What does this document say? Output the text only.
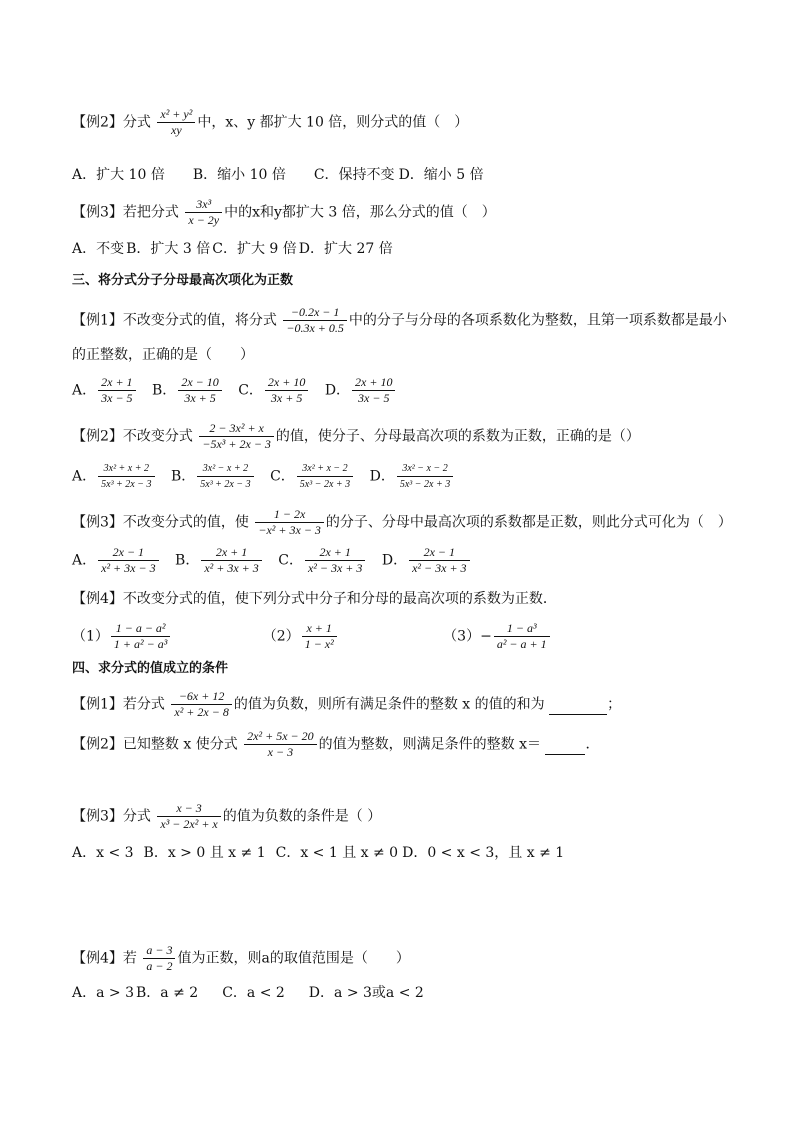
【例2】分式 $\frac{\text{x² + y²}}{xy}$ 中，x、y 都扩大 10 倍，则分式的值（　）
A．扩大 10 倍 B．缩小 10 倍 C．保持不变 D．缩小 5 倍
【例3】若把分式 $\frac{\text{3x³}}{x - 2y}$ 中的x和y都扩大 3 倍，那么分式的值（　）
A．不变 B．扩大 3 倍 C．扩大 9 倍 D．扩大 27 倍
三、将分式分子分母最高次项化为正数
【例1】不改变分式的值，将分式 $\frac{-0.2x - 1}{-0.3x + 0.5}$ 中的分子与分母的各项系数化为整数，且第一项系数都是最小
的正整数，正确的是（　　）
A． $\frac{2x + 1}{3x - 5}$ B． $\frac{2x - 10}{3x + 5}$ C． $\frac{2x + 10}{3x + 5}$ D． $\frac{2x + 10}{3x - 5}$
【例2】不改变分式 $\frac{\text{2 − 3x² + x}}{\text{−5x³ + 2x − 3}}$ 的值，使分子、分母最高次项的系数为正数，正确的是（）
A． $\frac{\text{3x² + x + 2}}{\text{5x³ + 2x − 3}}$ B． $\frac{\text{3x² − x + 2}}{\text{5x³ + 2x − 3}}$ C． $\frac{\text{3x² + x − 2}}{\text{5x³ − 2x + 3}}$ D． $\frac{\text{3x² − x − 2}}{\text{5x³ − 2x + 3}}$
【例3】不改变分式的值，使 $\frac{1 - 2x}{\text{−x² + 3x − 3}}$ 的分子、分母中最高次项的系数都是正数，则此分式可化为（　）
A． $\frac{2x - 1}{\text{x² + 3x − 3}}$ B． $\frac{2x + 1}{\text{x² + 3x + 3}}$ C． $\frac{2x + 1}{\text{x² − 3x + 3}}$ D． $\frac{2x - 1}{\text{x² − 3x + 3}}$
【例4】不改变分式的值，使下列分式中分子和分母的最高次项的系数为正数．
$(1) \frac{\text{1 − a − a²}}{\text{1 + a² − a³}}$	$(2) \frac{x + 1}{\text{1 − x²}}$	$(3)- \frac{\text{1 − a³}}{\text{a² − a + 1}}$
四、求分式的值成立的条件
【例1】若分式 $\frac{-6x + 12}{\text{x² + 2x − 8}}$ 的值为负数，则所有满足条件的整数 x 的值的和为	；
【例2】已知整数 x 使分式 $\frac{\text{2x² + 5x − 20}}{x - 3}$ 的值为整数，则满足条件的整数 x＝	．
【例3】分式 $\frac{x - 3}{\text{x³ − 2x² + x}}$ 的值为负数的条件是（ ）
A．x < 3 B．x > 0 且 x ≠ 1 C．x < 1 且 x ≠ 0 D．0 < x < 3，且 x ≠ 1
【例4】若 $\frac{a - 3}{a - 2}$ 值为正数，则a的取值范围是（　　）
A．a > 3 B．a ≠ 2 C．a < 2 D．a > 3或a < 2
